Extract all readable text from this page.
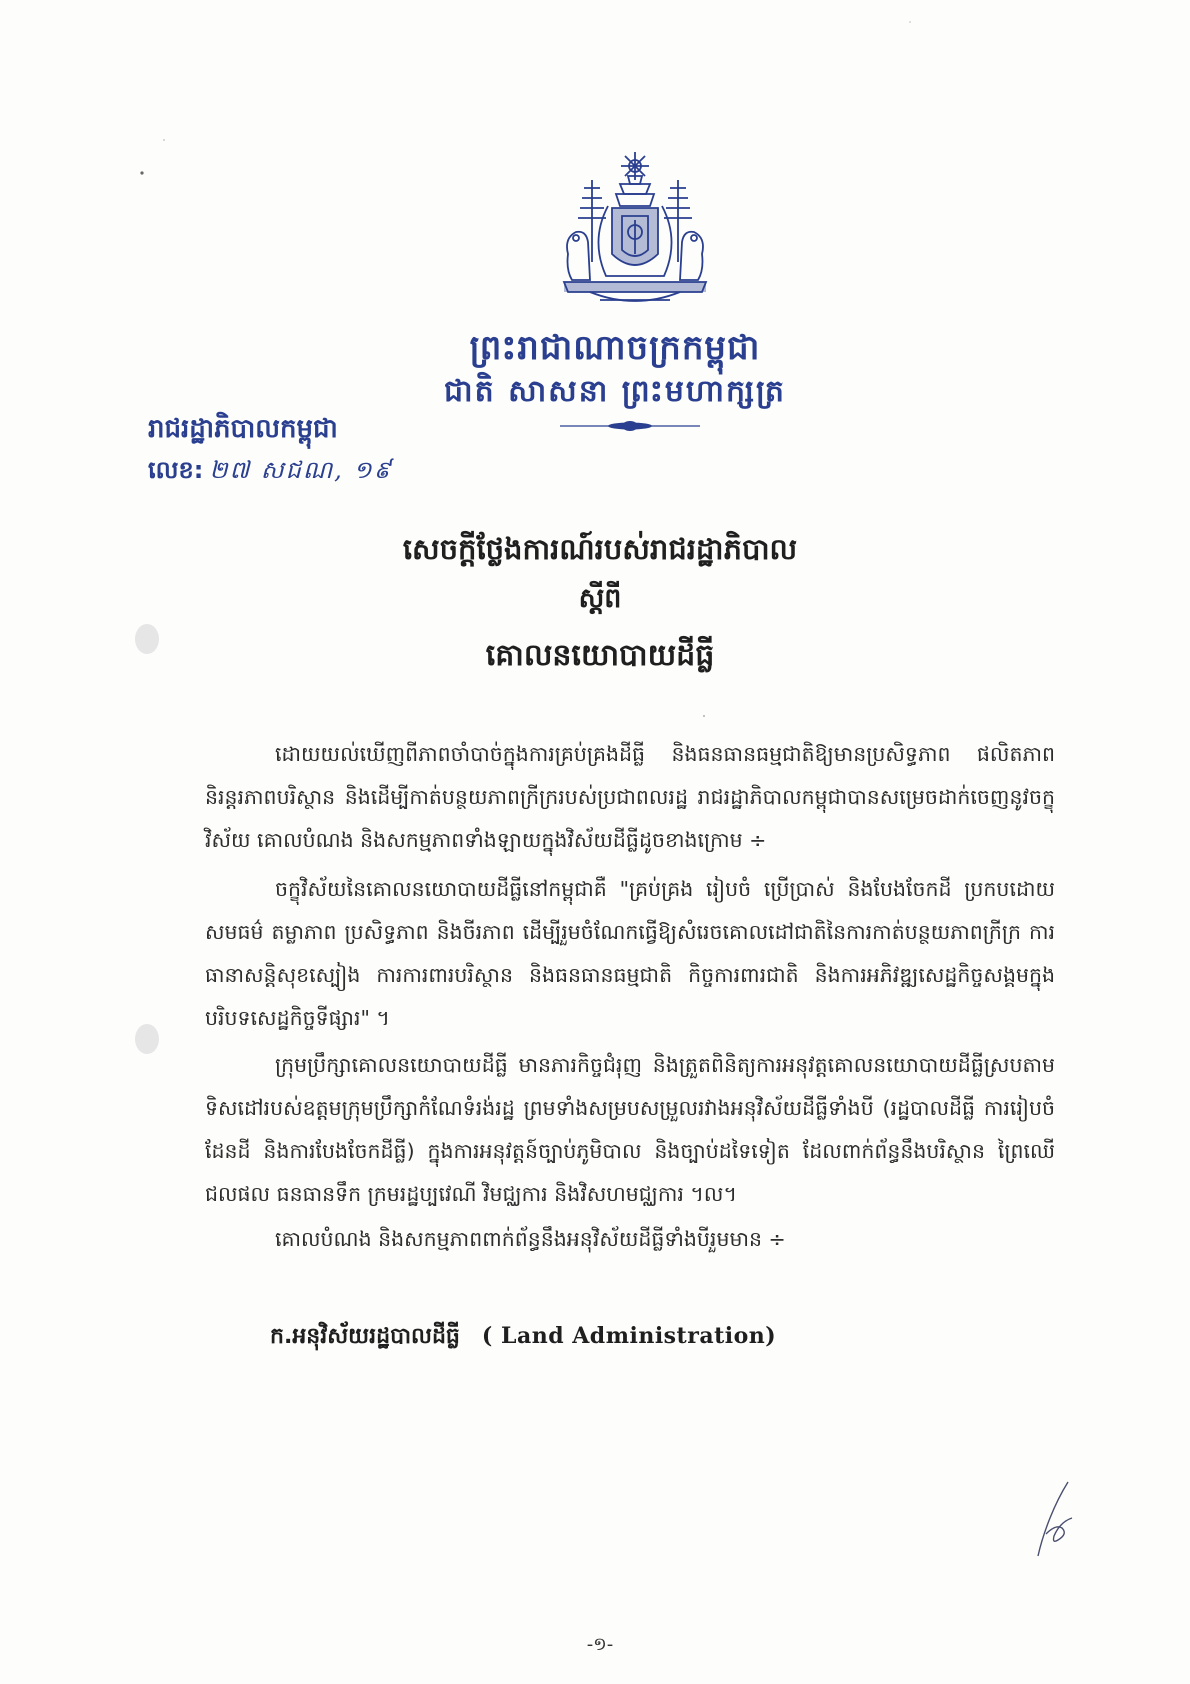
ព្រះរាជាណាចក្រកម្ពុជា
ជាតិ សាសនា ព្រះមហាក្សត្រ
រាជរដ្ឋាភិបាលកម្ពុជា
លេខ: ២៧ សជណ, ១៩
សេចក្តីថ្លែងការណ៍របស់រាជរដ្ឋាភិបាល
ស្តីពី
គោលនយោបាយដីធ្លី

ដោយយល់ឃើញពីភាពចាំបាច់ក្នុងការគ្រប់គ្រងដីធ្លី និងធនធានធម្មជាតិឱ្យមានប្រសិទ្ធភាព ផលិតភាព និរន្តរភាពបរិស្ថាន និងដើម្បីកាត់បន្ថយភាពក្រីក្ររបស់ប្រជាពលរដ្ឋ រាជរដ្ឋាភិបាលកម្ពុជាបានសម្រេចដាក់ចេញនូវចក្ខុវិស័យ គោលបំណង និងសកម្មភាពទាំងឡាយក្នុងវិស័យដីធ្លីដូចខាងក្រោម ÷

ចក្ខុវិស័យនៃគោលនយោបាយដីធ្លីនៅកម្ពុជាគឺ "គ្រប់គ្រង រៀបចំ ប្រើប្រាស់ និងបែងចែកដី ប្រកបដោយសមធម៌ តម្លាភាព ប្រសិទ្ធភាព និងចីរភាព ដើម្បីរួមចំណែកធ្វើឱ្យសំរេចគោលដៅជាតិនៃការកាត់បន្ថយភាពក្រីក្រ ការធានាសន្តិសុខស្បៀង ការការពារបរិស្ថាន និងធនធានធម្មជាតិ កិច្ចការពារជាតិ និងការអភិវឌ្ឍសេដ្ឋកិច្ចសង្គមក្នុងបរិបទសេដ្ឋកិច្ចទីផ្សារ" ។

ក្រុមប្រឹក្សាគោលនយោបាយដីធ្លី មានភារកិច្ចជំរុញ និងត្រួតពិនិត្យការអនុវត្តគោលនយោបាយដីធ្លីស្របតាមទិសដៅរបស់ឧត្តមក្រុមប្រឹក្សាកំណែទំរង់រដ្ឋ ព្រមទាំងសម្របសម្រួលរវាងអនុវិស័យដីធ្លីទាំងបី (រដ្ឋបាលដីធ្លី ការរៀបចំដែនដី និងការបែងចែកដីធ្លី) ក្នុងការអនុវត្តន៍ច្បាប់ភូមិបាល និងច្បាប់ដទៃទៀត ដែលពាក់ព័ន្ធនឹងបរិស្ថាន ព្រៃឈើ ជលផល ធនធានទឹក ក្រមរដ្ឋប្បវេណី វិមជ្ឈការ និងវិសហមជ្ឈការ ។ល។

គោលបំណង និងសកម្មភាពពាក់ព័ន្ធនឹងអនុវិស័យដីធ្លីទាំងបីរួមមាន ÷

ក.អនុវិស័យរដ្ឋបាលដីធ្លី ( Land Administration)
-១-
